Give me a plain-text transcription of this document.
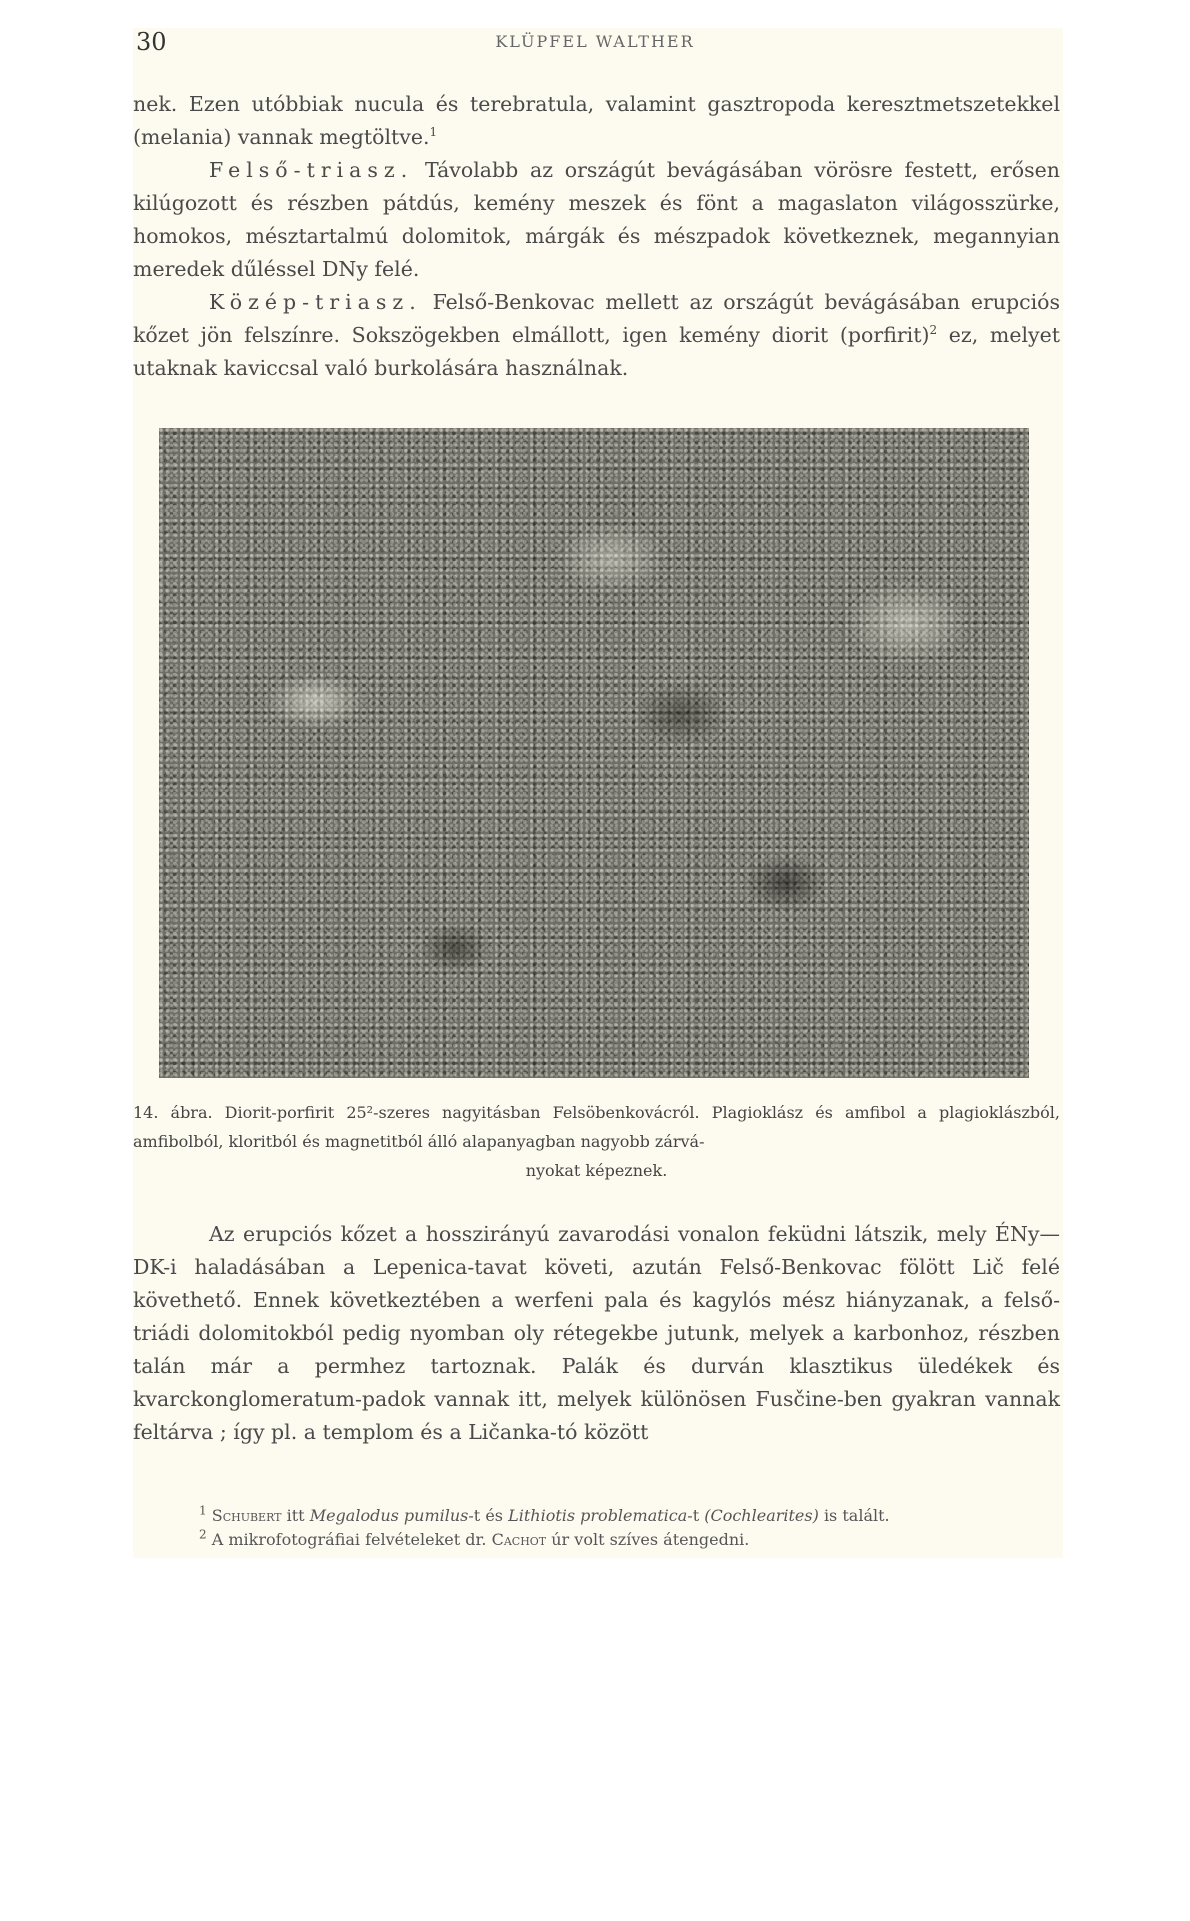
30	KLÜPFEL WALTHER

nek. Ezen utóbbiak nucula és terebratula, valamint gasztropoda keresztmetszetekkel (melania) vannak megtöltve.$^1$

Felső-triasz. Távolabb az országút bevágásában vörösre festett, erősen kilúgozott és részben pátdús, kemény meszek és fönt a magaslaton világosszürke, homokos, mésztartalmú dolomitok, márgák és mészpadok következnek, megannyian meredek dűléssel DNy felé.

Közép-triasz. Felső-Benkovac mellett az országút bevágásában erupciós kőzet jön felszínre. Sokszögekben elmállott, igen kemény diorit (porfirit)$^2$ ez, melyet utaknak kaviccsal való burkolására használnak.

14. ábra. Diorit-porfirit 25²-szeres nagyitásban Felsöbenkovácról. Plagioklász és amfibol a plagioklászból, amfibolból, kloritból és magnetitból álló alapanyagban nagyobb zárvá-
nyokat képeznek.

Az erupciós kőzet a hosszirányú zavarodási vonalon feküdni látszik, mely ÉNy—DK-i haladásában a Lepenica-tavat követi, azután Felső-Benkovac fölött Lič felé követhető. Ennek következtében a werfeni pala és kagylós mész hiányzanak, a felső-triádi dolomitokból pedig nyomban oly rétegekbe jutunk, melyek a karbonhoz, részben talán már a permhez tartoznak. Palák és durván klasztikus üledékek és kvarckonglomeratum-padok vannak itt, melyek különösen Fusčine-ben gyakran vannak feltárva ; így pl. a templom és a Ličanka-tó között

$^1$ Schubert itt Megalodus pumilus-t és Lithiotis problematica-t (Cochlearites) is talált.

$^2$ A mikrofotográfiai felvételeket dr. Cachot úr volt szíves átengedni.
